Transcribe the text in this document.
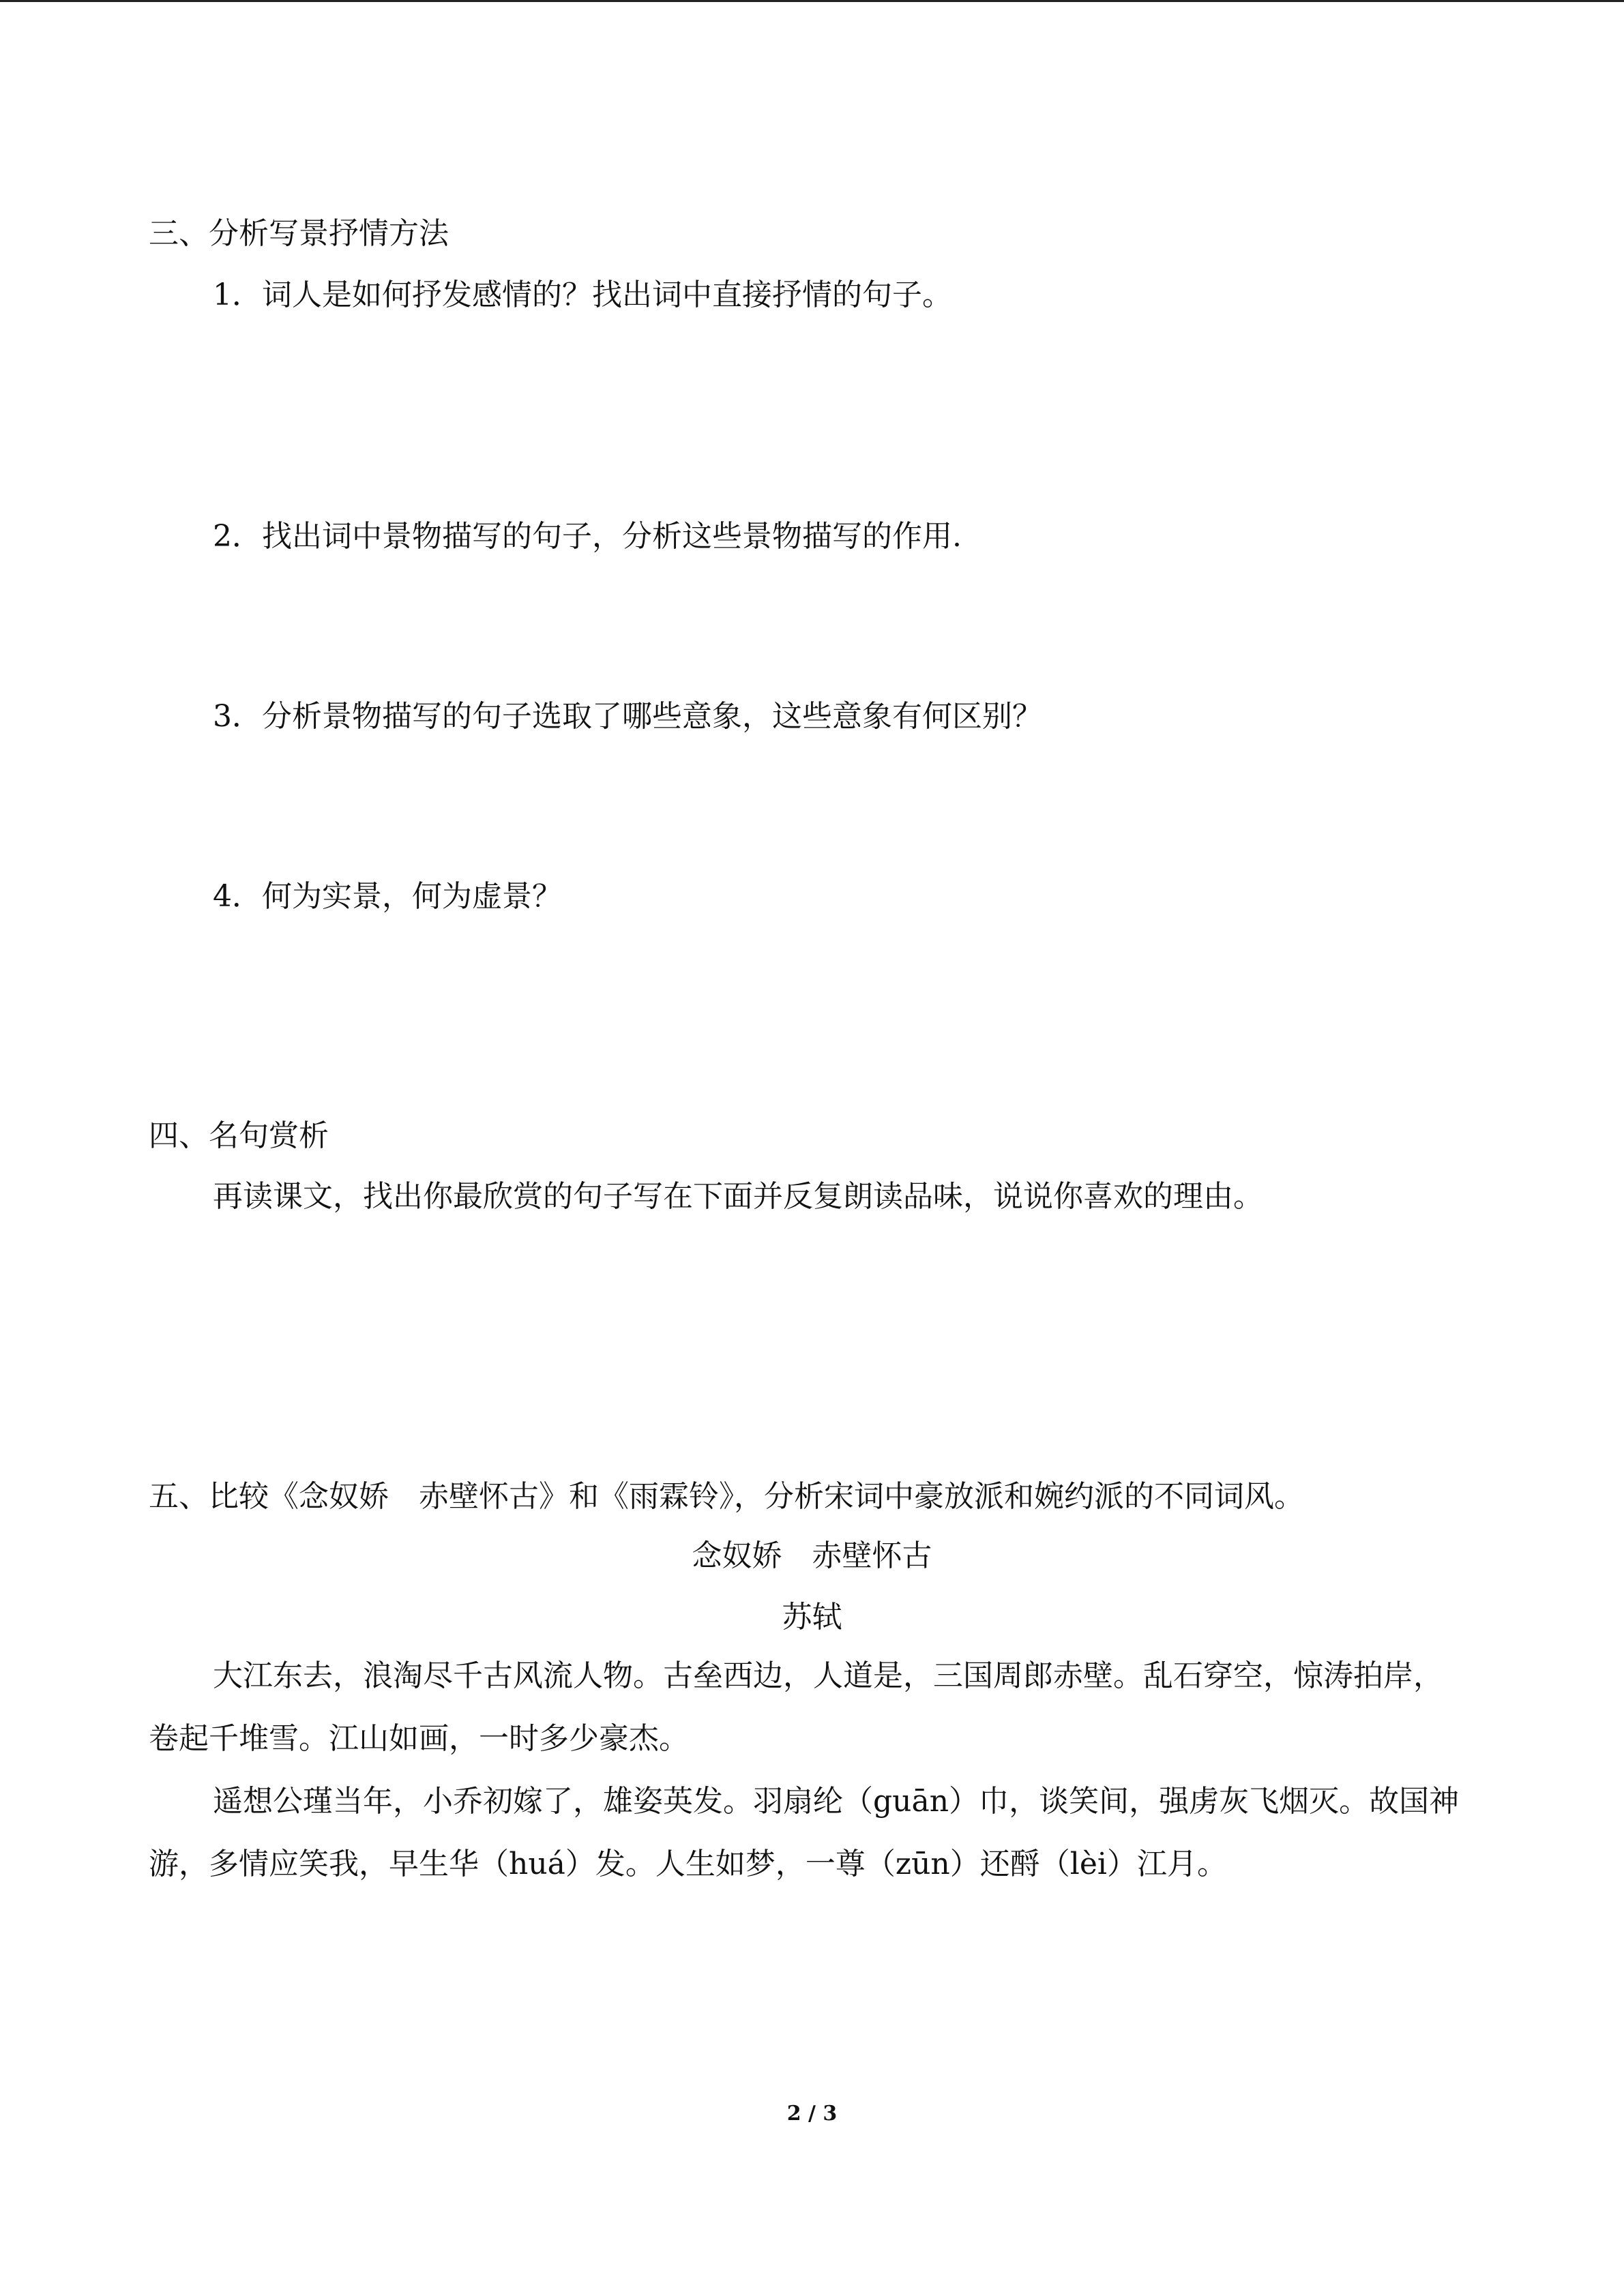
三、分析写景抒情方法

1．词人是如何抒发感情的？找出词中直接抒情的句子。

2．找出词中景物描写的句子，分析这些景物描写的作用.

3．分析景物描写的句子选取了哪些意象，这些意象有何区别？

4．何为实景，何为虚景？

四、名句赏析

再读课文，找出你最欣赏的句子写在下面并反复朗读品味，说说你喜欢的理由。

五、比较《念奴娇　赤壁怀古》和《雨霖铃》，分析宋词中豪放派和婉约派的不同词风。

念奴娇　赤壁怀古

苏轼

大江东去，浪淘尽千古风流人物。古垒西边，人道是，三国周郎赤壁。乱石穿空，惊涛拍岸，卷起千堆雪。江山如画，一时多少豪杰。

遥想公瑾当年，小乔初嫁了，雄姿英发。羽扇纶（guān）巾，谈笑间，强虏灰飞烟灭。故国神游，多情应笑我，早生华（huá）发。人生如梦，一尊（zūn）还酹（lèi）江月。

2 / 3
